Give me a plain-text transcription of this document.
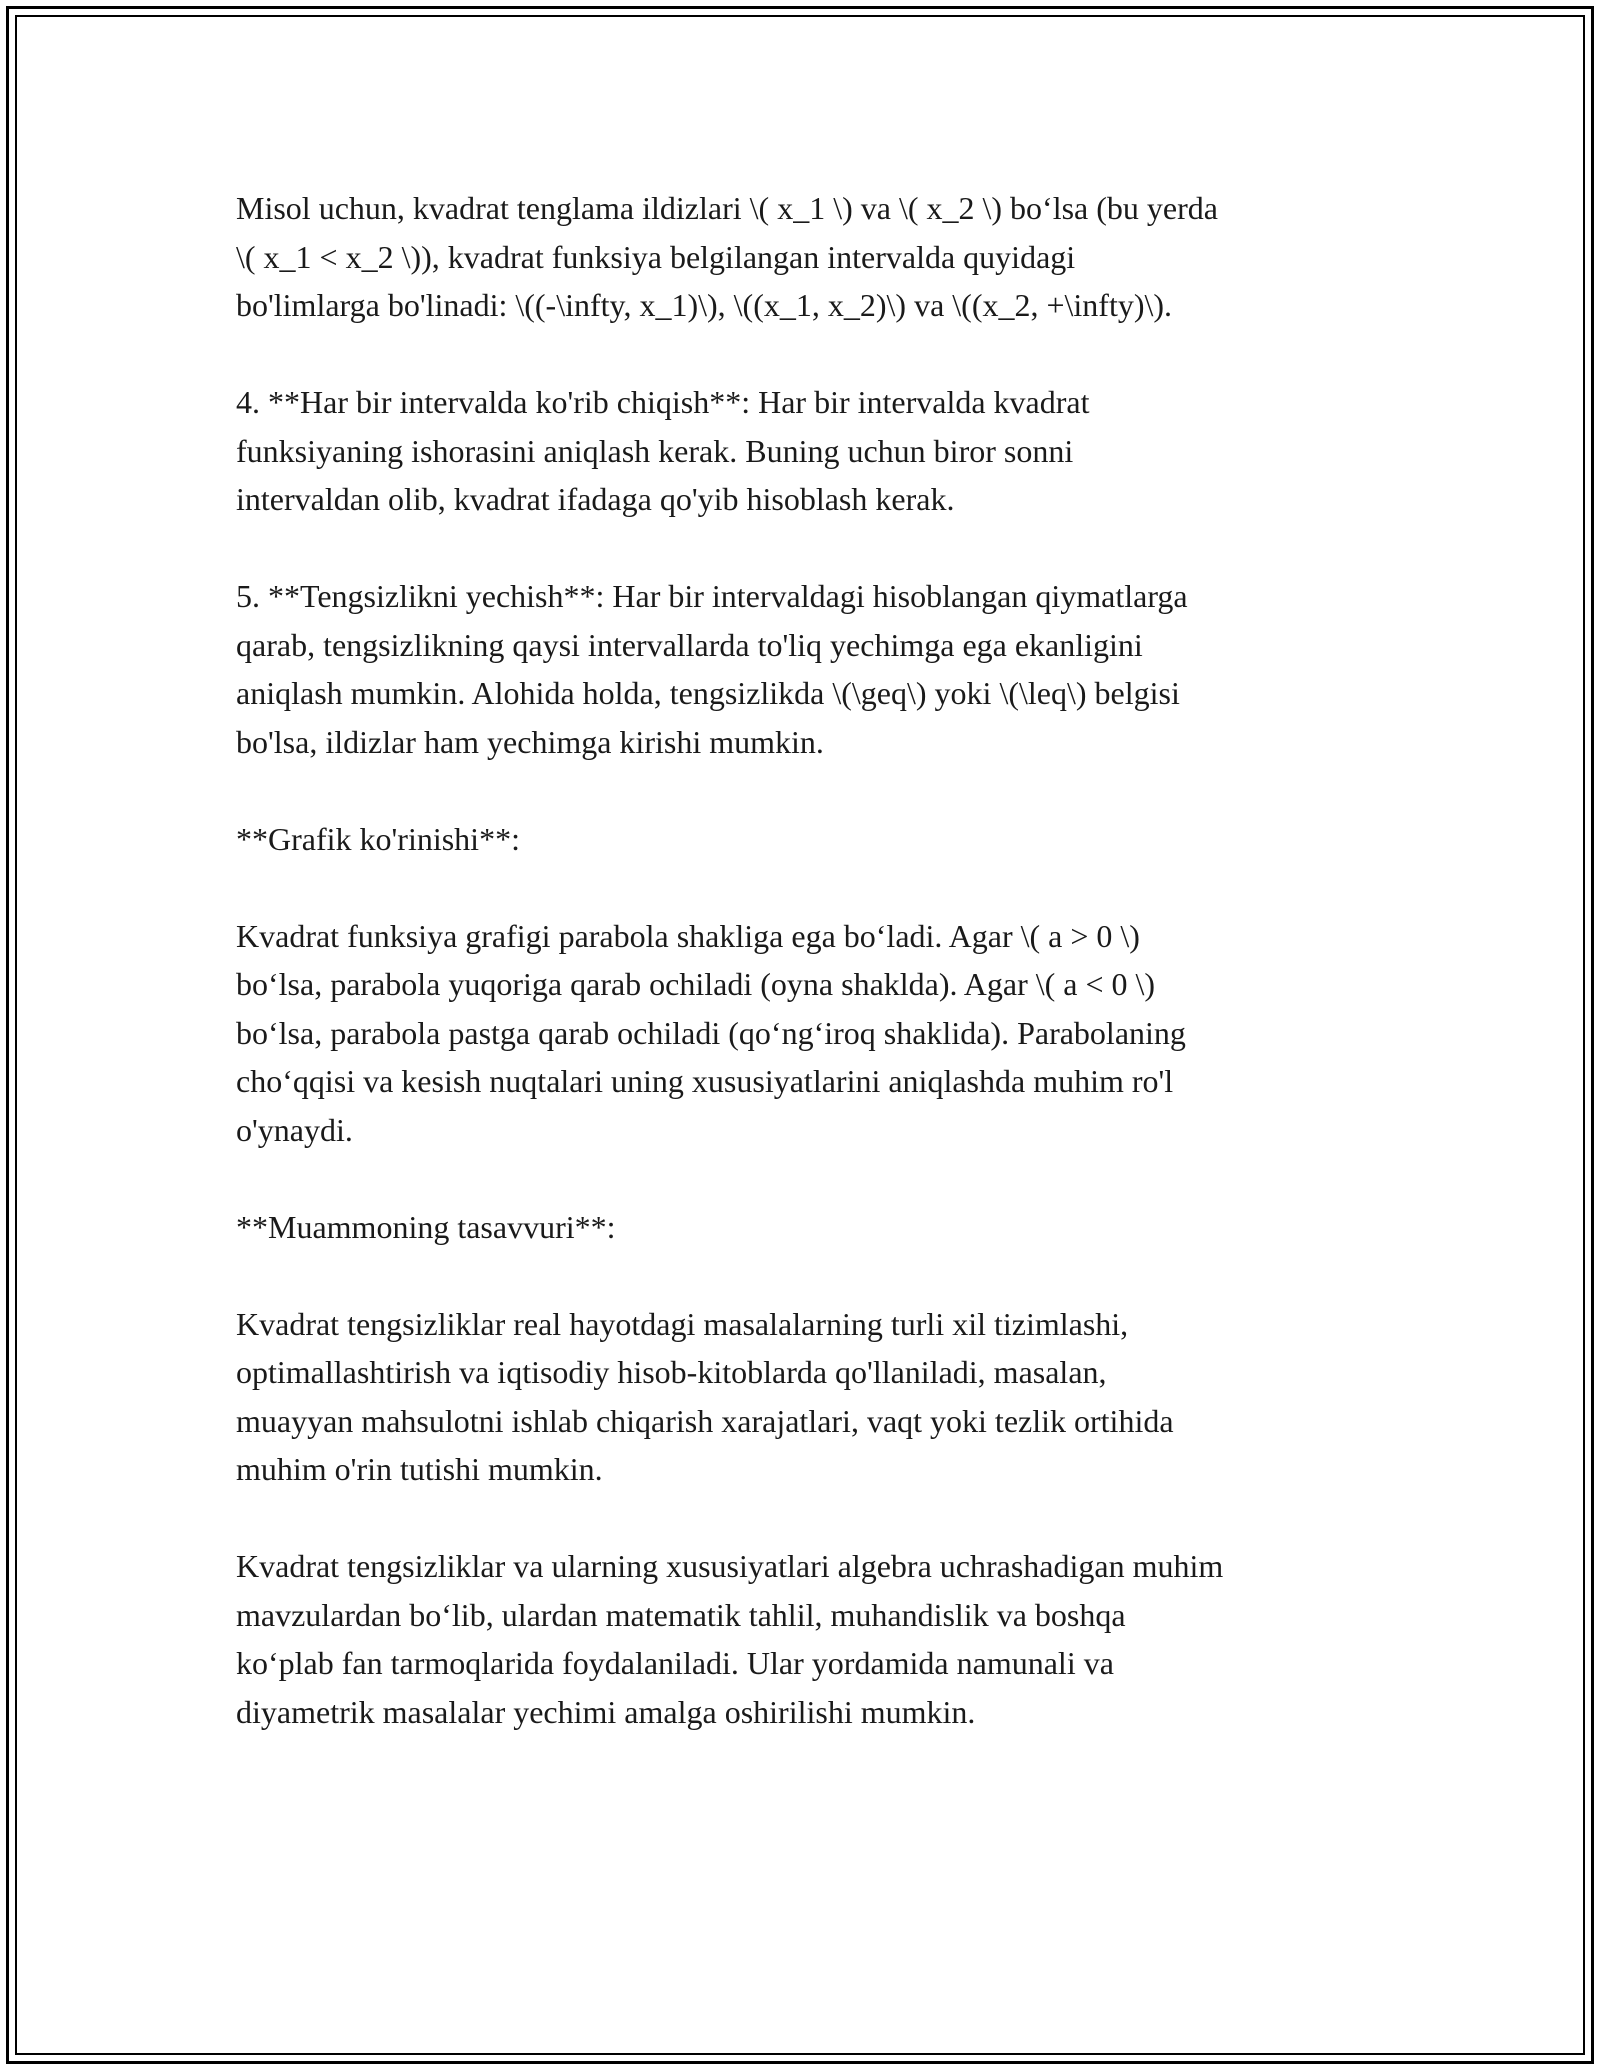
Misol uchun, kvadrat tenglama ildizlari \( x_1 \) va \( x_2 \) bo‘lsa (bu yerda
\( x_1 < x_2 \)), kvadrat funksiya belgilangan intervalda quyidagi
bo'limlarga bo'linadi: \((-\infty, x_1)\), \((x_1, x_2)\) va \((x_2, +\infty)\).

4. **Har bir intervalda ko'rib chiqish**: Har bir intervalda kvadrat
funksiyaning ishorasini aniqlash kerak. Buning uchun biror sonni
intervaldan olib, kvadrat ifadaga qo'yib hisoblash kerak.

5. **Tengsizlikni yechish**: Har bir intervaldagi hisoblangan qiymatlarga
qarab, tengsizlikning qaysi intervallarda to'liq yechimga ega ekanligini
aniqlash mumkin. Alohida holda, tengsizlikda \(\geq\) yoki \(\leq\) belgisi
bo'lsa, ildizlar ham yechimga kirishi mumkin.

**Grafik ko'rinishi**:

Kvadrat funksiya grafigi parabola shakliga ega bo‘ladi. Agar \( a > 0 \)
bo‘lsa, parabola yuqoriga qarab ochiladi (oyna shakldа). Agar \( a < 0 \)
bo‘lsa, parabola pastga qarab ochiladi (qo‘ng‘iroq shaklida). Parabolaning
cho‘qqisi va kesish nuqtalari uning xususiyatlarini aniqlashda muhim ro'l
o'ynaydi.

**Muammoning tasavvuri**:

Kvadrat tengsizliklar real hayotdagi masalalarning turli xil tizimlashi,
optimallashtirish va iqtisodiy hisob-kitoblarda qo'llaniladi, masalan,
muayyan mahsulotni ishlab chiqarish xarajatlari, vaqt yoki tezlik ortihida
muhim o'rin tutishi mumkin.

Kvadrat tengsizliklar va ularning xususiyatlari algebra uchrashadigan muhim
mavzulardan bo‘lib, ulardan matematik tahlil, muhandislik va boshqa
ko‘plab fan tarmoqlarida foydalaniladi. Ular yordamida namunali va
diyametrik masalalar yechimi amalga oshirilishi mumkin.
